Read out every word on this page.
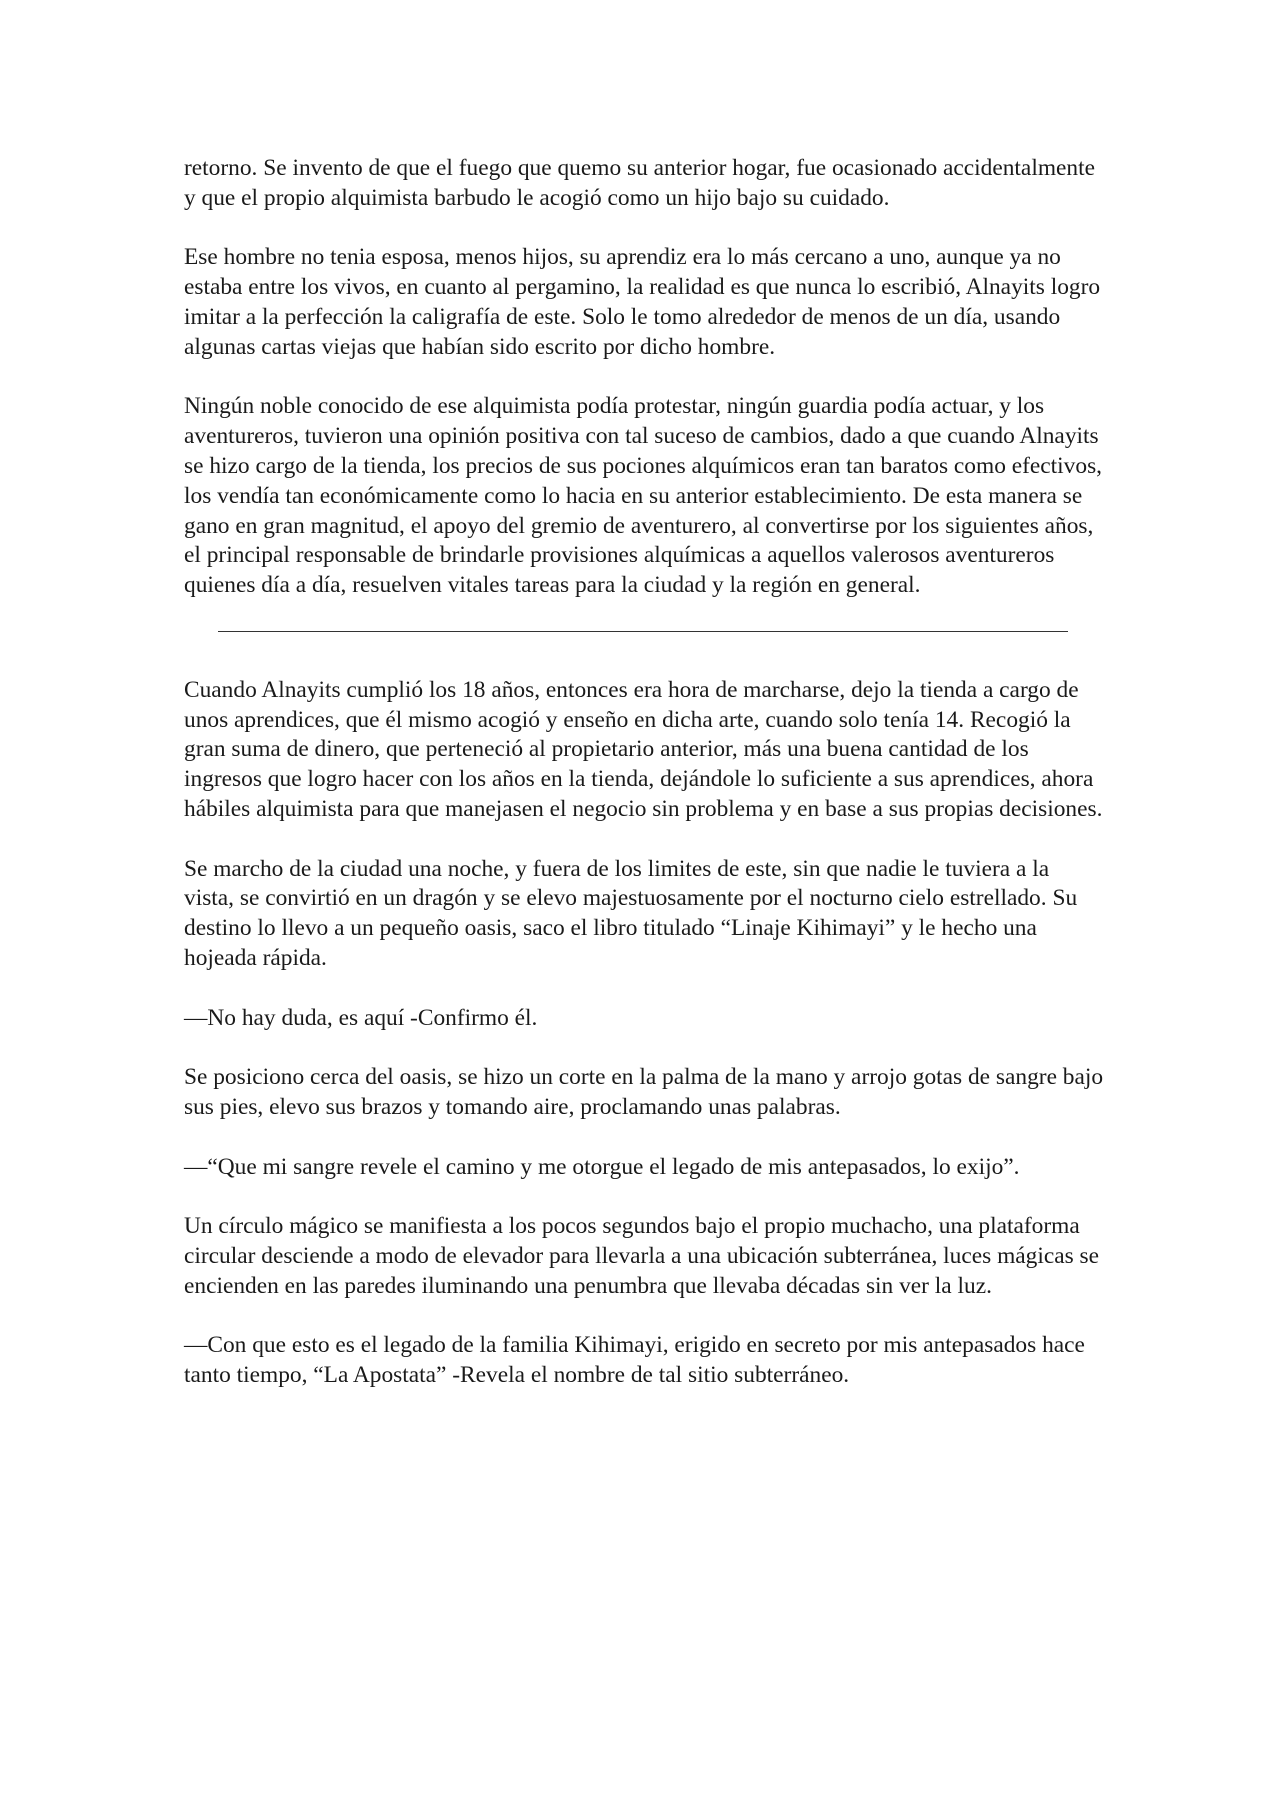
retorno. Se invento de que el fuego que quemo su anterior hogar, fue ocasionado accidentalmente y que el propio alquimista barbudo le acogió como un hijo bajo su cuidado.

Ese hombre no tenia esposa, menos hijos, su aprendiz era lo más cercano a uno, aunque ya no estaba entre los vivos, en cuanto al pergamino, la realidad es que nunca lo escribió, Alnayits logro imitar a la perfección la caligrafía de este. Solo le tomo alrededor de menos de un día, usando algunas cartas viejas que habían sido escrito por dicho hombre.

Ningún noble conocido de ese alquimista podía protestar, ningún guardia podía actuar, y los aventureros, tuvieron una opinión positiva con tal suceso de cambios, dado a que cuando Alnayits se hizo cargo de la tienda, los precios de sus pociones alquímicos eran tan baratos como efectivos, los vendía tan económicamente como lo hacia en su anterior establecimiento. De esta manera se gano en gran magnitud, el apoyo del gremio de aventurero, al convertirse por los siguientes años, el principal responsable de brindarle provisiones alquímicas a aquellos valerosos aventureros quienes día a día, resuelven vitales tareas para la ciudad y la región en general.

Cuando Alnayits cumplió los 18 años, entonces era hora de marcharse, dejo la tienda a cargo de unos aprendices, que él mismo acogió y enseño en dicha arte, cuando solo tenía 14. Recogió la gran suma de dinero, que perteneció al propietario anterior, más una buena cantidad de los ingresos que logro hacer con los años en la tienda, dejándole lo suficiente a sus aprendices, ahora hábiles alquimista para que manejasen el negocio sin problema y en base a sus propias decisiones.

Se marcho de la ciudad una noche, y fuera de los limites de este, sin que nadie le tuviera a la vista, se convirtió en un dragón y se elevo majestuosamente por el nocturno cielo estrellado. Su destino lo llevo a un pequeño oasis, saco el libro titulado “Linaje Kihimayi” y le hecho una hojeada rápida.

—No hay duda, es aquí -Confirmo él.

Se posiciono cerca del oasis, se hizo un corte en la palma de la mano y arrojo gotas de sangre bajo sus pies, elevo sus brazos y tomando aire, proclamando unas palabras.

—“Que mi sangre revele el camino y me otorgue el legado de mis antepasados, lo exijo”.

Un círculo mágico se manifiesta a los pocos segundos bajo el propio muchacho, una plataforma circular desciende a modo de elevador para llevarla a una ubicación subterránea, luces mágicas se encienden en las paredes iluminando una penumbra que llevaba décadas sin ver la luz.

—Con que esto es el legado de la familia Kihimayi, erigido en secreto por mis antepasados hace tanto tiempo, “La Apostata” -Revela el nombre de tal sitio subterráneo.
